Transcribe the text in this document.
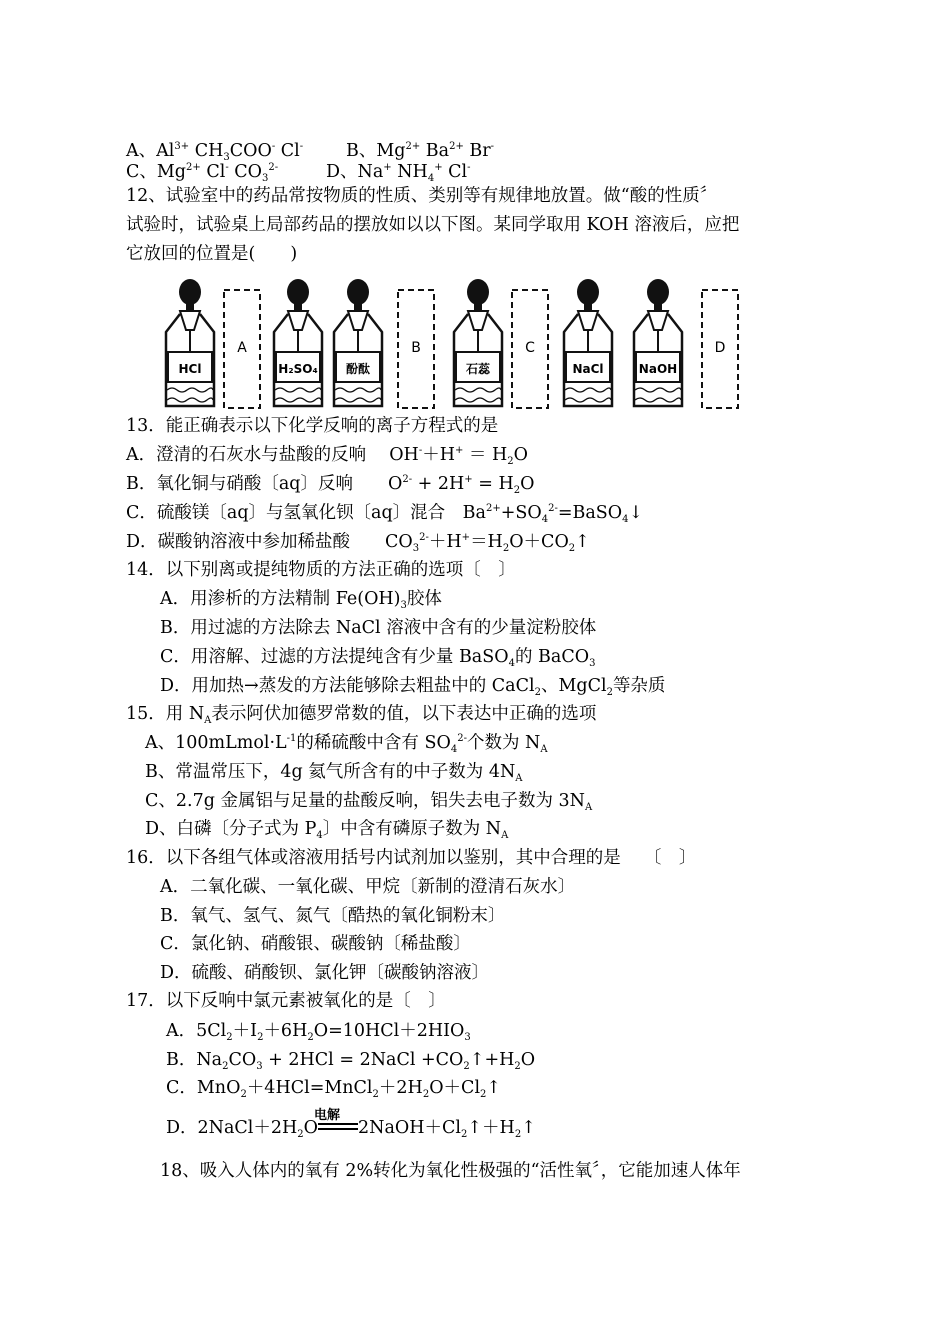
A、$Al^{3+}$ $CH_3COO^-$ Cl- B、$Mg^{2+}$ $Ba^{2+}$ Br-
C、$Mg^{2+}$ Cl- $CO_3^{2-}$	D、Na+ $NH_4^+$ Cl-
12、试验室中的药品常按物质的性质、类别等有规律地放置。做“酸的性质〞
试验时，试验桌上局部药品的摆放如以以下图。某同学取用 KOH 溶液后，应把
它放回的位置是(　　)
HCl
A
H₂SO₄ 酚酞
B
石蕊
C
NaCl	NaOH
D
13．能正确表示以下化学反响的离子方程式的是
A．澄清的石灰水与盐酸的反响　 $OH^-+H^+ = H_2O$
B．氧化铜与硝酸〔aq〕反响　　$O^{2-} + 2H^+ = H_2O$
C．硫酸镁〔aq〕与氢氧化钡〔aq〕混合　$Ba^{2+}+SO_4^{2-}=BaSO_4↓$
D．碳酸钠溶液中参加稀盐酸　　$CO_3^{2-}+H^+=H_2O+CO_2↑$
14．以下别离或提纯物质的方法正确的选项〔　〕
A．用渗析的方法精制 $Fe(OH)_3$胶体
B．用过滤的方法除去 NaCl 溶液中含有的少量淀粉胶体
C．用溶解、过滤的方法提纯含有少量 BaSO$_4$的 BaCO$_3$
D．用加热→蒸发的方法能够除去粗盐中的 CaCl$_2$、MgCl$_2$等杂质
15．用 $N_A$表示阿伏加德罗常数的值，以下表达中正确的选项
A、$100mLmol\cdot L^{-1}$的稀硫酸中含有 $SO_4^{2-}$个数为 $N_A$
B、常温常压下，4g 氦气所含有的中子数为 $4N_A$
C、2.7g 金属铝与足量的盐酸反响，铝失去电子数为 $3N_A$
D、白磷〔分子式为 $P_4$〕中含有磷原子数为 $N_A$
16．以下各组气体或溶液用括号内试剂加以鉴别，其中合理的是　 〔　〕
A．二氧化碳、一氧化碳、甲烷〔新制的澄清石灰水〕
B．氧气、氢气、氮气〔酷热的氧化铜粉末〕
C．氯化钠、硝酸银、碳酸钠〔稀盐酸〕
D．硫酸、硝酸钡、氯化钾〔碳酸钠溶液〕
17．以下反响中氯元素被氧化的是〔　〕
A．$5Cl_2+I_2+6H_2O=10HCl+2HIO_3$
B．$Na_2CO_3 + 2HCl$ = 2NaCl $+CO_2↑+H_2O$
C．$MnO_2+4HCl=MnCl_2+2H_2O+Cl_2↑$
电解
D．$2NaCl+2H_2O$ $2NaOH+Cl_2↑+H_2↑$
18、吸入人体内的氧有 2%转化为氧化性极强的“活性氧〞，它能加速人体年
